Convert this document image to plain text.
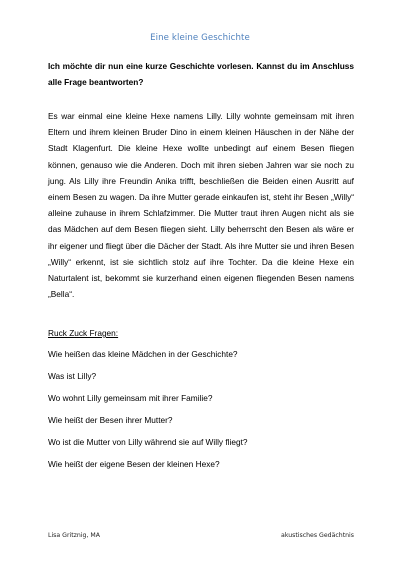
Eine kleine Geschichte
Ich möchte dir nun eine kurze Geschichte vorlesen. Kannst du im Anschluss alle Frage beantworten?
Es war einmal eine kleine Hexe namens Lilly. Lilly wohnte gemeinsam mit ihren Eltern und ihrem kleinen Bruder Dino in einem kleinen Häuschen in der Nähe der Stadt Klagenfurt. Die kleine Hexe wollte unbedingt auf einem Besen fliegen können, genauso wie die Anderen. Doch mit ihren sieben Jahren war sie noch zu jung. Als Lilly ihre Freundin Anika trifft, beschließen die Beiden einen Ausritt auf einem Besen zu wagen. Da ihre Mutter gerade einkaufen ist, steht ihr Besen „Willy“ alleine zuhause in ihrem Schlafzimmer. Die Mutter traut ihren Augen nicht als sie das Mädchen auf dem Besen fliegen sieht. Lilly beherrscht den Besen als wäre er ihr eigener und fliegt über die Dächer der Stadt. Als ihre Mutter sie und ihren Besen „Willy“ erkennt, ist sie sichtlich stolz auf ihre Tochter. Da die kleine Hexe ein Naturtalent ist, bekommt sie kurzerhand einen eigenen fliegenden Besen namens „Bella“.
Ruck Zuck Fragen:
Wie heißen das kleine Mädchen in der Geschichte?
Was ist Lilly?
Wo wohnt Lilly gemeinsam mit ihrer Familie?
Wie heißt der Besen ihrer Mutter?
Wo ist die Mutter von Lilly während sie auf Willy fliegt?
Wie heißt der eigene Besen der kleinen Hexe?
Lisa Gritznig, MA	akustisches Gedächtnis
